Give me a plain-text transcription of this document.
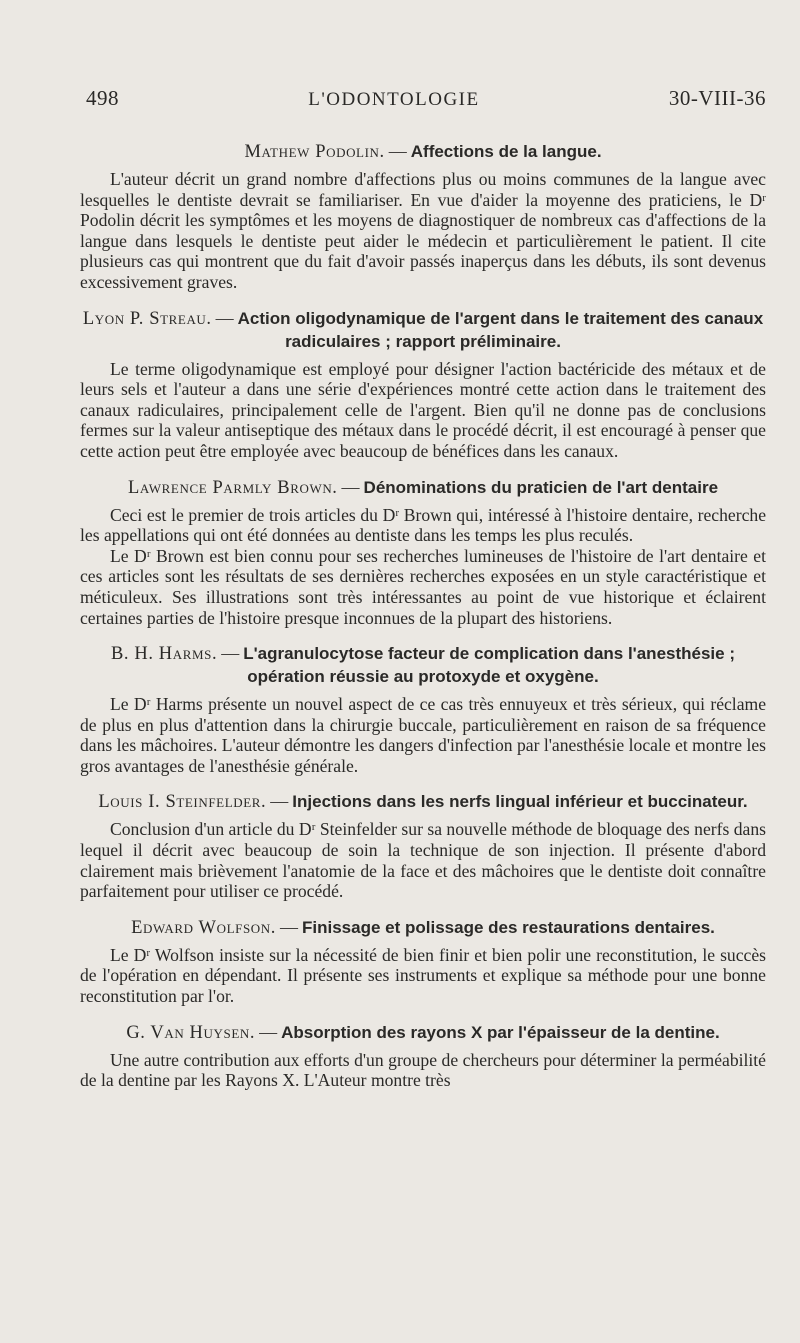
498	L'ODONTOLOGIE	30-VIII-36
Mathew Podolin. — Affections de la langue.

L'auteur décrit un grand nombre d'affections plus ou moins communes de la langue avec lesquelles le dentiste devrait se familiariser. En vue d'aider la moyenne des praticiens, le Dʳ Podolin décrit les symptômes et les moyens de diagnostiquer de nombreux cas d'affections de la langue dans lesquels le dentiste peut aider le médecin et particulièrement le patient. Il cite plusieurs cas qui montrent que du fait d'avoir passés inaperçus dans les débuts, ils sont devenus excessivement graves.

Lyon P. Streau. — Action oligodynamique de l'argent dans le traitement des canaux radiculaires ; rapport préliminaire.

Le terme oligodynamique est employé pour désigner l'action bactéricide des métaux et de leurs sels et l'auteur a dans une série d'expériences montré cette action dans le traitement des canaux radiculaires, principalement celle de l'argent. Bien qu'il ne donne pas de conclusions fermes sur la valeur antiseptique des métaux dans le procédé décrit, il est encouragé à penser que cette action peut être employée avec beaucoup de bénéfices dans les canaux.

Lawrence Parmly Brown. — Dénominations du praticien de l'art dentaire

Ceci est le premier de trois articles du Dʳ Brown qui, intéressé à l'histoire dentaire, recherche les appellations qui ont été données au dentiste dans les temps les plus reculés.

Le Dʳ Brown est bien connu pour ses recherches lumineuses de l'histoire de l'art dentaire et ces articles sont les résultats de ses dernières recherches exposées en un style caractéristique et méticuleux. Ses illustrations sont très intéressantes au point de vue historique et éclairent certaines parties de l'histoire presque inconnues de la plupart des historiens.

B. H. Harms. — L'agranulocytose facteur de complication dans l'anesthésie ; opération réussie au protoxyde et oxygène.

Le Dʳ Harms présente un nouvel aspect de ce cas très ennuyeux et très sérieux, qui réclame de plus en plus d'attention dans la chirurgie buccale, particulièrement en raison de sa fréquence dans les mâchoires. L'auteur démontre les dangers d'infection par l'anesthésie locale et montre les gros avantages de l'anesthésie générale.

Louis I. Steinfelder. — Injections dans les nerfs lingual inférieur et buccinateur.

Conclusion d'un article du Dʳ Steinfelder sur sa nouvelle méthode de bloquage des nerfs dans lequel il décrit avec beaucoup de soin la technique de son injection. Il présente d'abord clairement mais brièvement l'anatomie de la face et des mâchoires que le dentiste doit connaître parfaitement pour utiliser ce procédé.

Edward Wolfson. — Finissage et polissage des restaurations dentaires.

Le Dʳ Wolfson insiste sur la nécessité de bien finir et bien polir une reconstitution, le succès de l'opération en dépendant. Il présente ses instruments et explique sa méthode pour une bonne reconstitution par l'or.

G. Van Huysen. — Absorption des rayons X par l'épaisseur de la dentine.

Une autre contribution aux efforts d'un groupe de chercheurs pour déterminer la perméabilité de la dentine par les Rayons X. L'Auteur montre très
